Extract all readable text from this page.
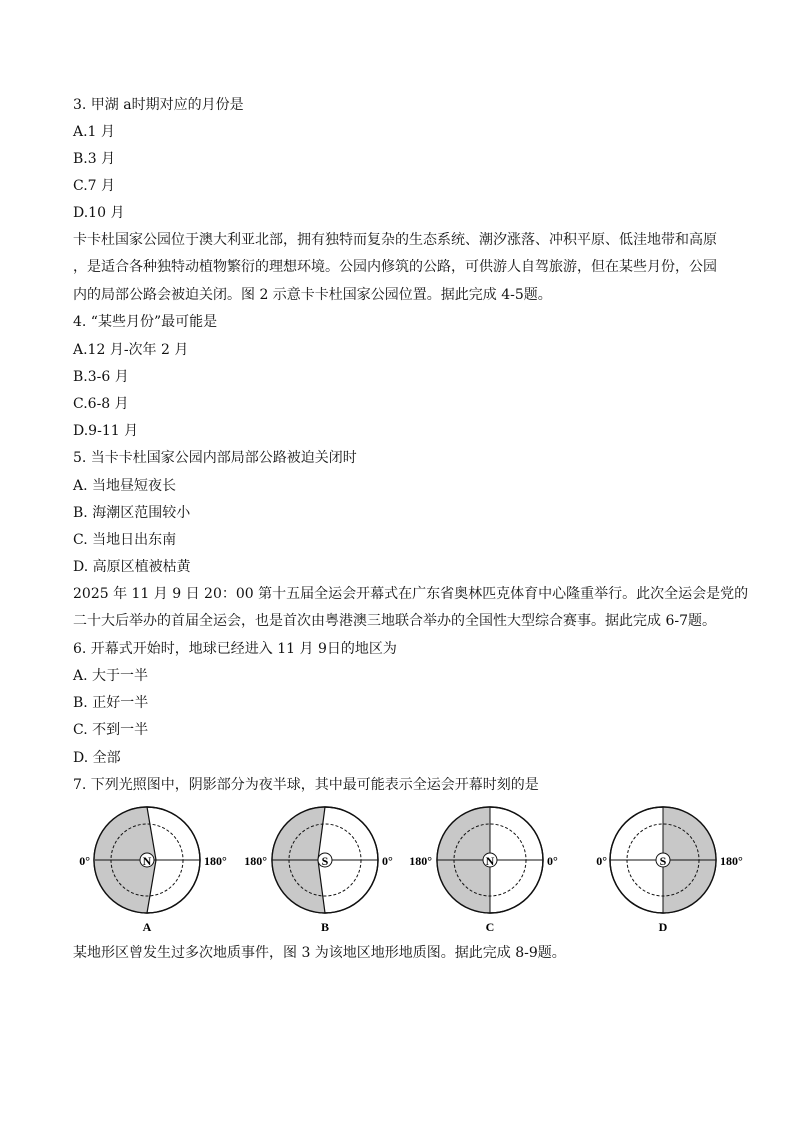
3. 甲湖 a时期对应的月份是
A.1 月
B.3 月
C.7 月
D.10 月
卡卡杜国家公园位于澳大利亚北部，拥有独特而复杂的生态系统、潮汐涨落、冲积平原、低洼地带和高原
，是适合各种独特动植物繁衍的理想环境。公园内修筑的公路，可供游人自驾旅游，但在某些月份，公园
内的局部公路会被迫关闭。图 2 示意卡卡杜国家公园位置。据此完成 4-5题。
4. “某些月份”最可能是
A.12 月-次年 2 月
B.3-6 月
C.6-8 月
D.9-11 月
5. 当卡卡杜国家公园内部局部公路被迫关闭时
A. 当地昼短夜长
B. 海潮区范围较小
C. 当地日出东南
D. 高原区植被枯黄
2025 年 11 月 9 日 20：00 第十五届全运会开幕式在广东省奥林匹克体育中心隆重举行。此次全运会是党的
二十大后举办的首届全运会，也是首次由粤港澳三地联合举办的全国性大型综合赛事。据此完成 6-7题。
6. 开幕式开始时，地球已经进入 11 月 9日的地区为
A. 大于一半
B. 正好一半
C. 不到一半
D. 全部
7. 下列光照图中，阴影部分为夜半球，其中最可能表示全运会开幕时刻的是
N
0°	180°
A
S
180°	0°
B
N
180°	0°
C
S
0°	180°
D
某地形区曾发生过多次地质事件，图 3 为该地区地形地质图。据此完成 8-9题。
